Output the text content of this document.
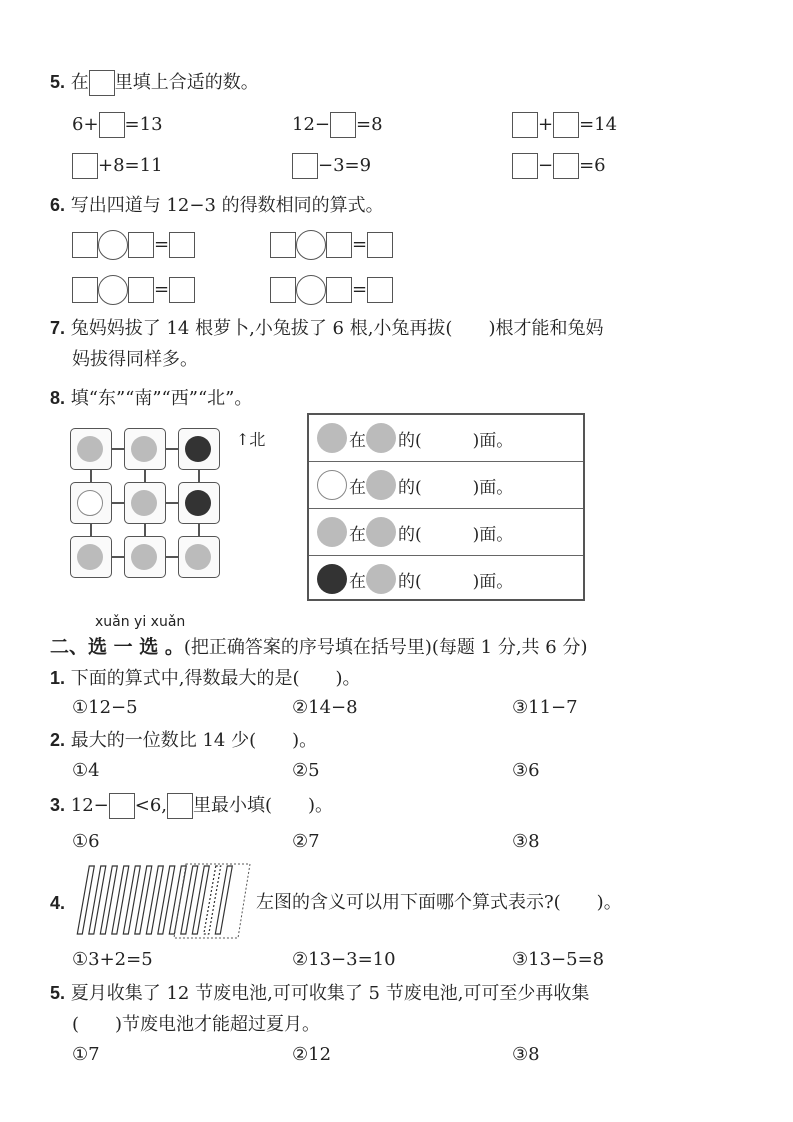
5. 在 里填上合适的数。
6+ =13	12− =8	+ =14
+8=11	−3=9	− =6
6. 写出四道与 12−3 的得数相同的算式。
=	=
=	=
7. 兔妈妈拔了 14 根萝卜,小兔拔了 6 根,小兔再拔(　　)根才能和兔妈
妈拔得同样多。
8. 填“东”“南”“西”“北”。
↑北	在 的(　　　)面。
在 的(　　　)面。
在 的(　　　)面。
在 的(　　　)面。
xuǎn yi xuǎn
二、选 一 选 。(把正确答案的序号填在括号里)(每题 1 分,共 6 分)
1. 下面的算式中,得数最大的是(　　)。
①12−5	②14−8	③11−7
2. 最大的一位数比 14 少(　　)。
①4	②5	③6
3. 12− <6, 里最小填(　　)。
①6	②7	③8
4.	左图的含义可以用下面哪个算式表示?(　　)。
①3+2=5	②13−3=10	③13−5=8
5. 夏月收集了 12 节废电池,可可收集了 5 节废电池,可可至少再收集
(　　)节废电池才能超过夏月。
①7	②12	③8
